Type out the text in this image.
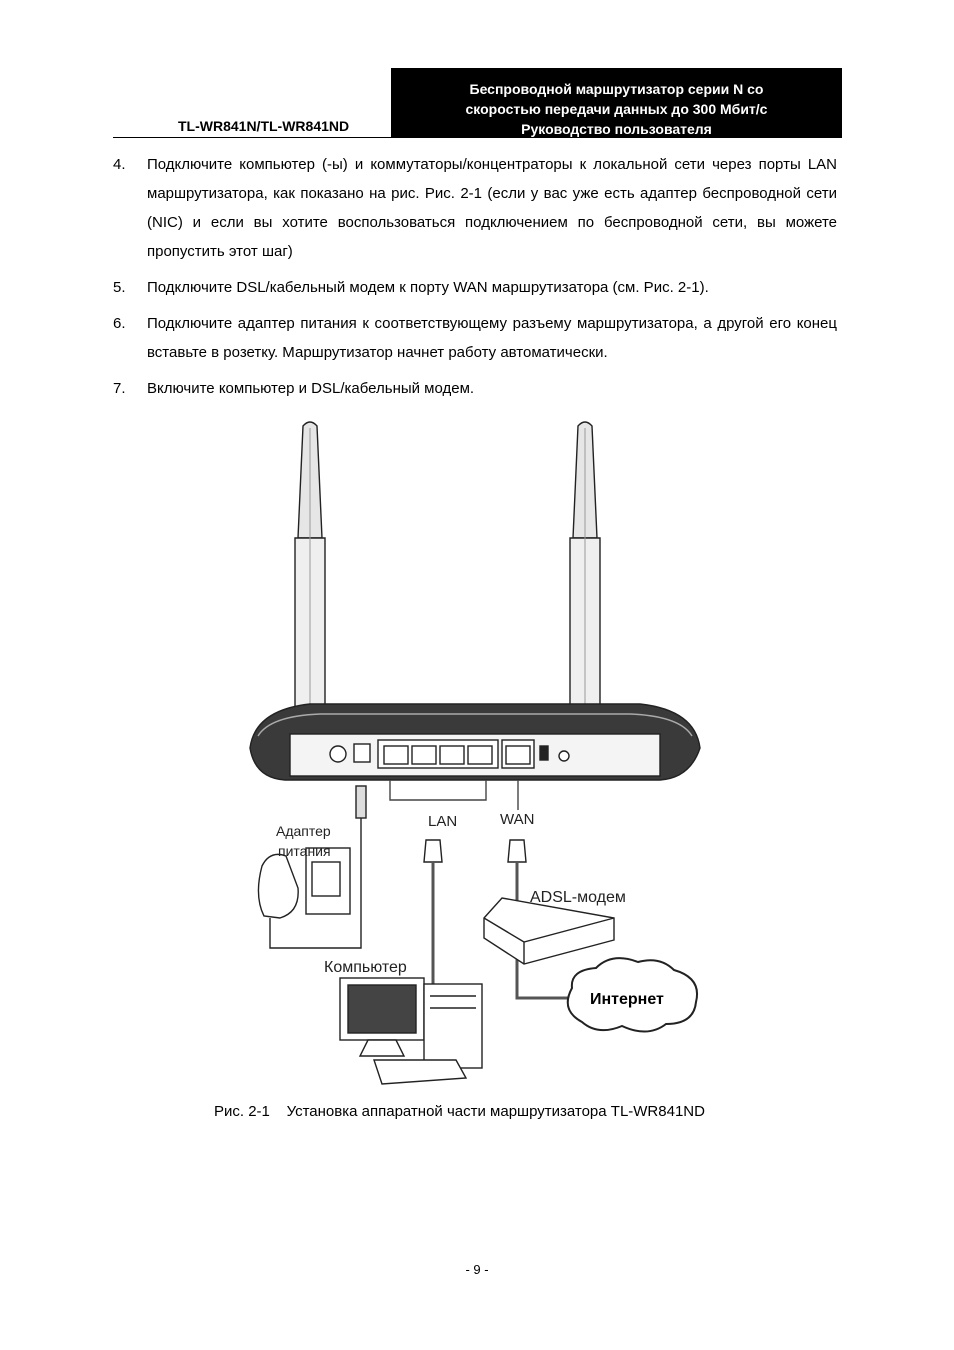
TL-WR841N/TL-WR841ND
Беспроводной маршрутизатор серии N со
скоростью передачи данных до 300 Мбит/с
Руководство пользователя
4. Подключите компьютер (-ы) и коммутаторы/концентраторы к локальной сети через порты LAN маршрутизатора, как показано на рис. Рис. 2-1 (если у вас уже есть адаптер беспроводной сети (NIC) и если вы хотите воспользоваться подключением по беспроводной сети, вы можете пропустить этот шаг)
5. Подключите DSL/кабельный модем к порту WAN маршрутизатора (см. Рис. 2-1).
6. Подключите адаптер питания к соответствующему разъему маршрутизатора, а другой его конец вставьте в розетку. Маршрутизатор начнет работу автоматически.
7. Включите компьютер и DSL/кабельный модем.
LAN	WAN
Адаптер
питания
ADSL-модем
Компьютер
Интернет
Рис. 2-1    Установка аппаратной части маршрутизатора TL-WR841ND
- 9 -
